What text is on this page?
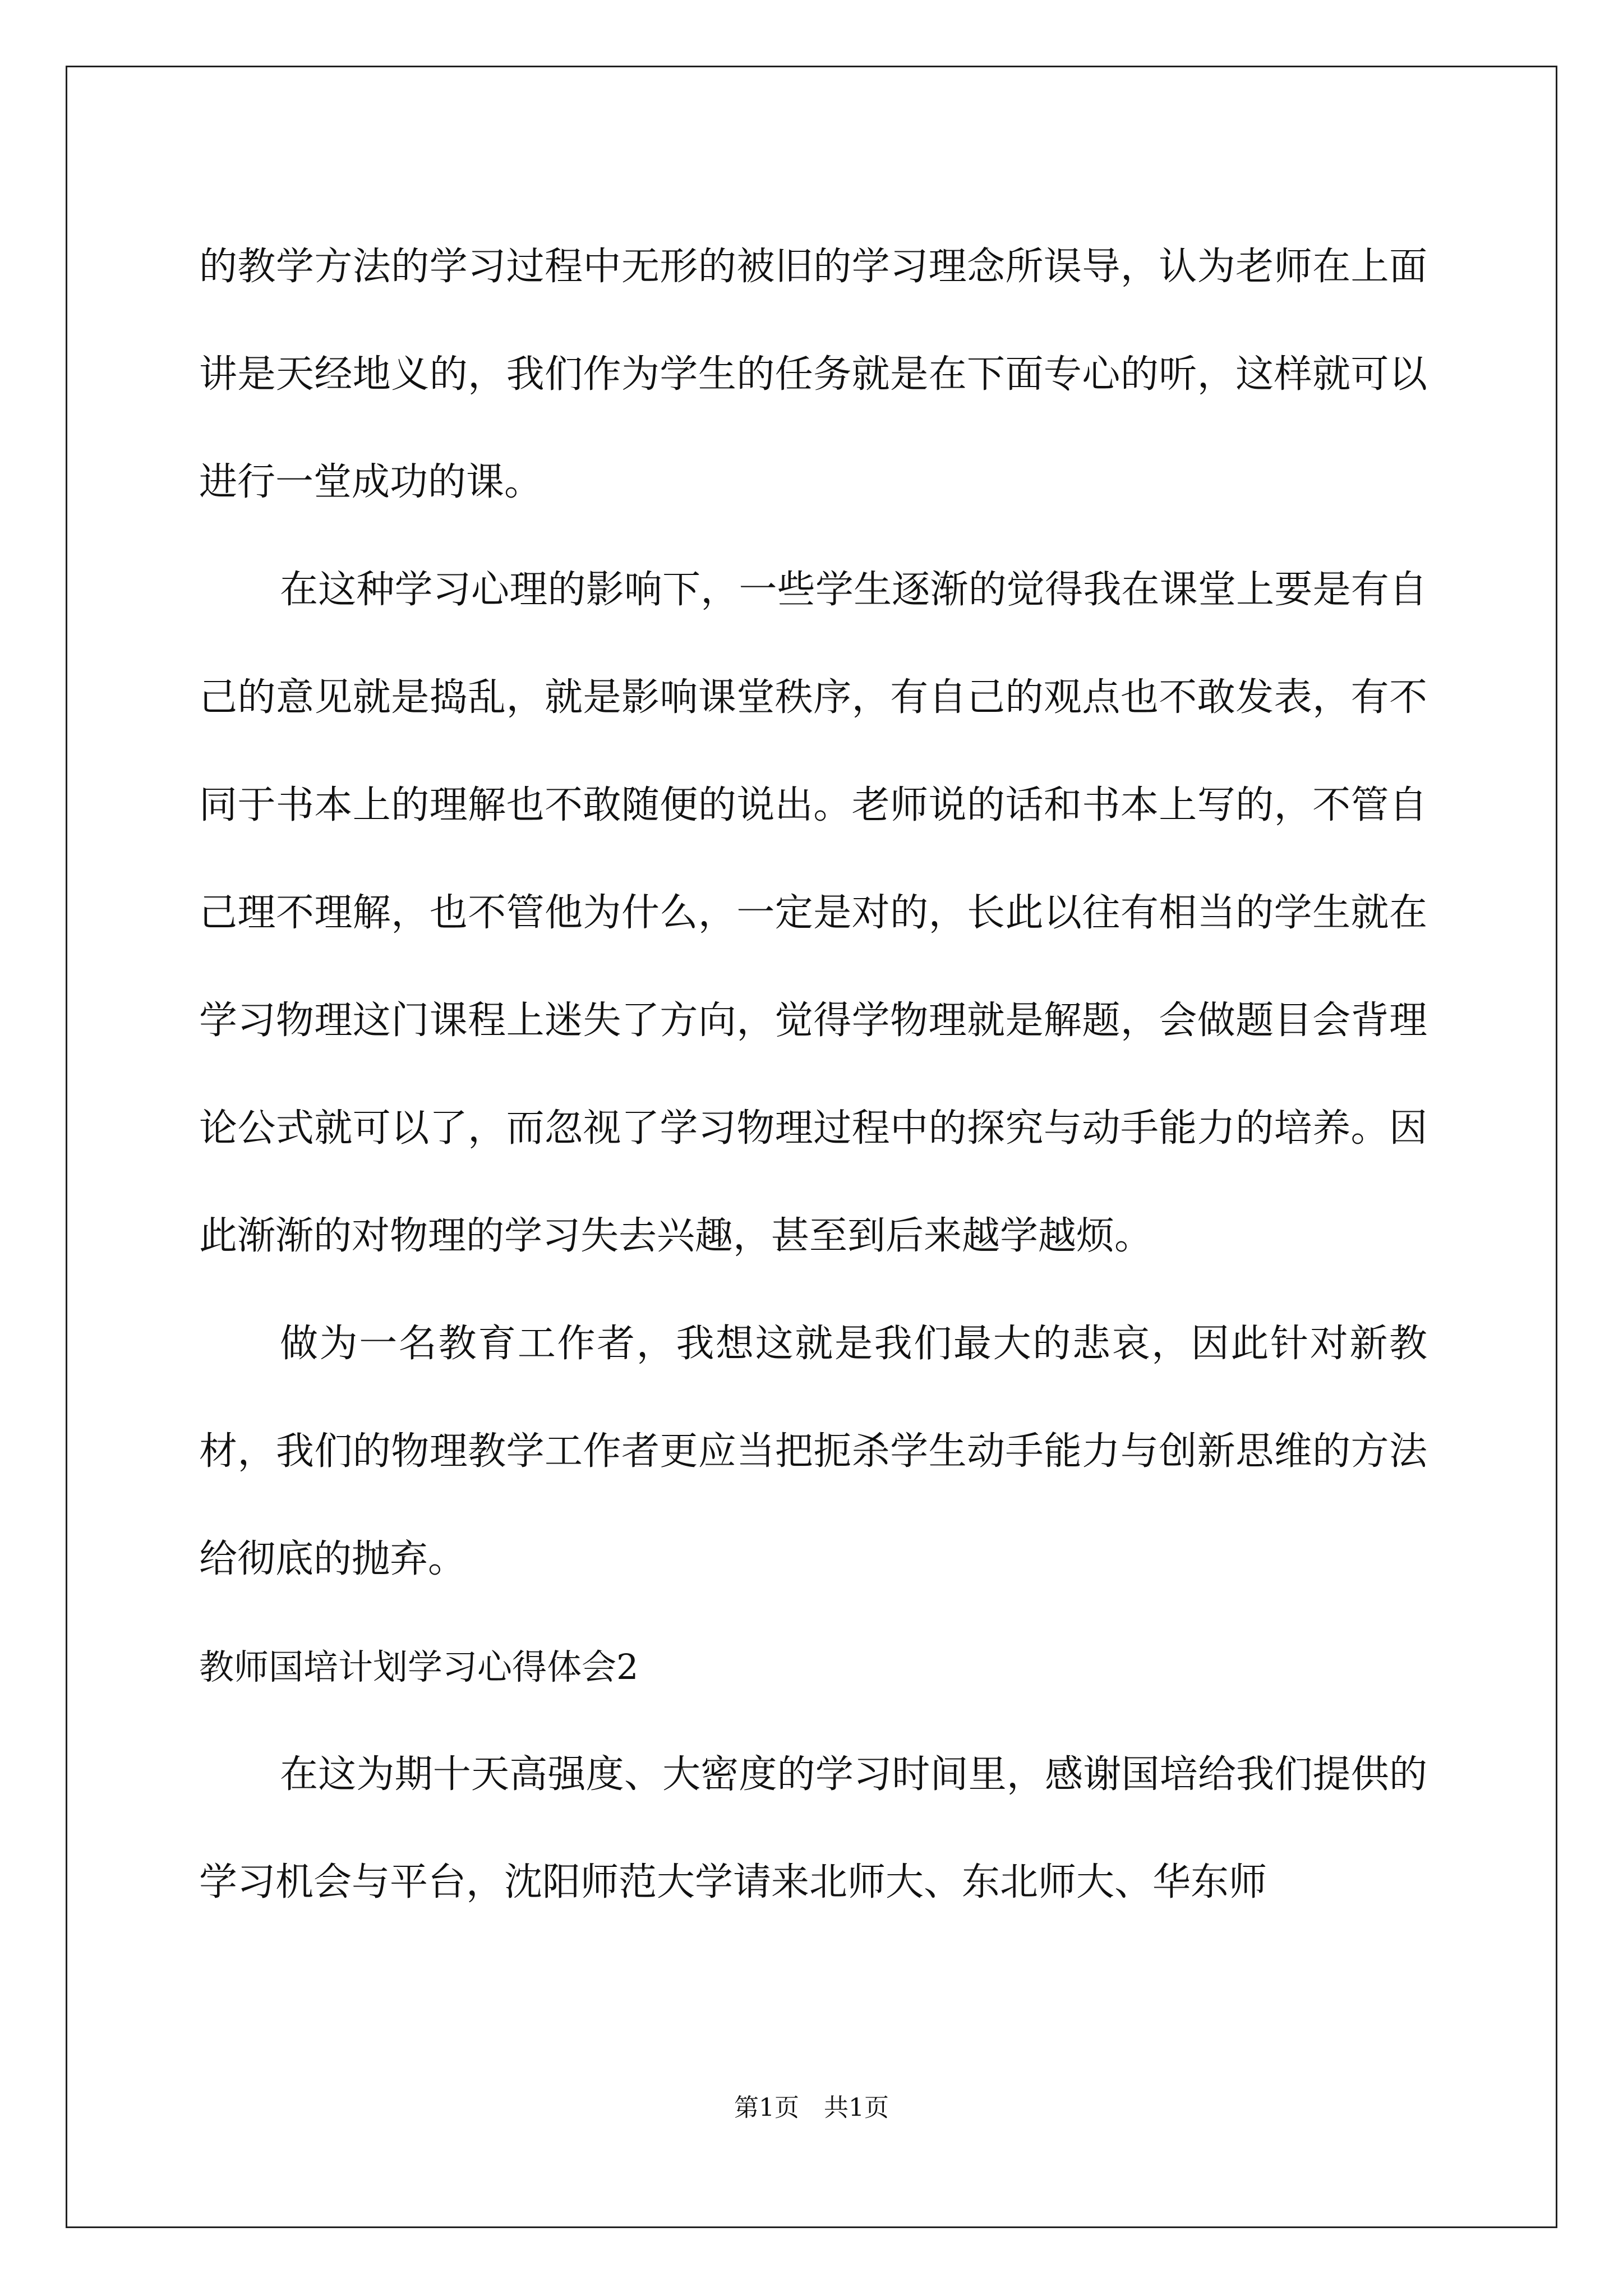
的教学方法的学习过程中无形的被旧的学习理念所误导，认为老师在上面讲是天经地义的，我们作为学生的任务就是在下面专心的听，这样就可以进行一堂成功的课。

在这种学习心理的影响下，一些学生逐渐的觉得我在课堂上要是有自己的意见就是捣乱，就是影响课堂秩序，有自己的观点也不敢发表，有不同于书本上的理解也不敢随便的说出。老师说的话和书本上写的，不管自己理不理解，也不管他为什么，一定是对的，长此以往有相当的学生就在学习物理这门课程上迷失了方向，觉得学物理就是解题，会做题目会背理论公式就可以了，而忽视了学习物理过程中的探究与动手能力的培养。因此渐渐的对物理的学习失去兴趣，甚至到后来越学越烦。

做为一名教育工作者，我想这就是我们最大的悲哀，因此针对新教材，我们的物理教学工作者更应当把扼杀学生动手能力与创新思维的方法给彻底的抛弃。

教师国培计划学习心得体会2

在这为期十天高强度、大密度的学习时间里，感谢国培给我们提供的学习机会与平台，沈阳师范大学请来北师大、东北师大、华东师

第1页　共1页
